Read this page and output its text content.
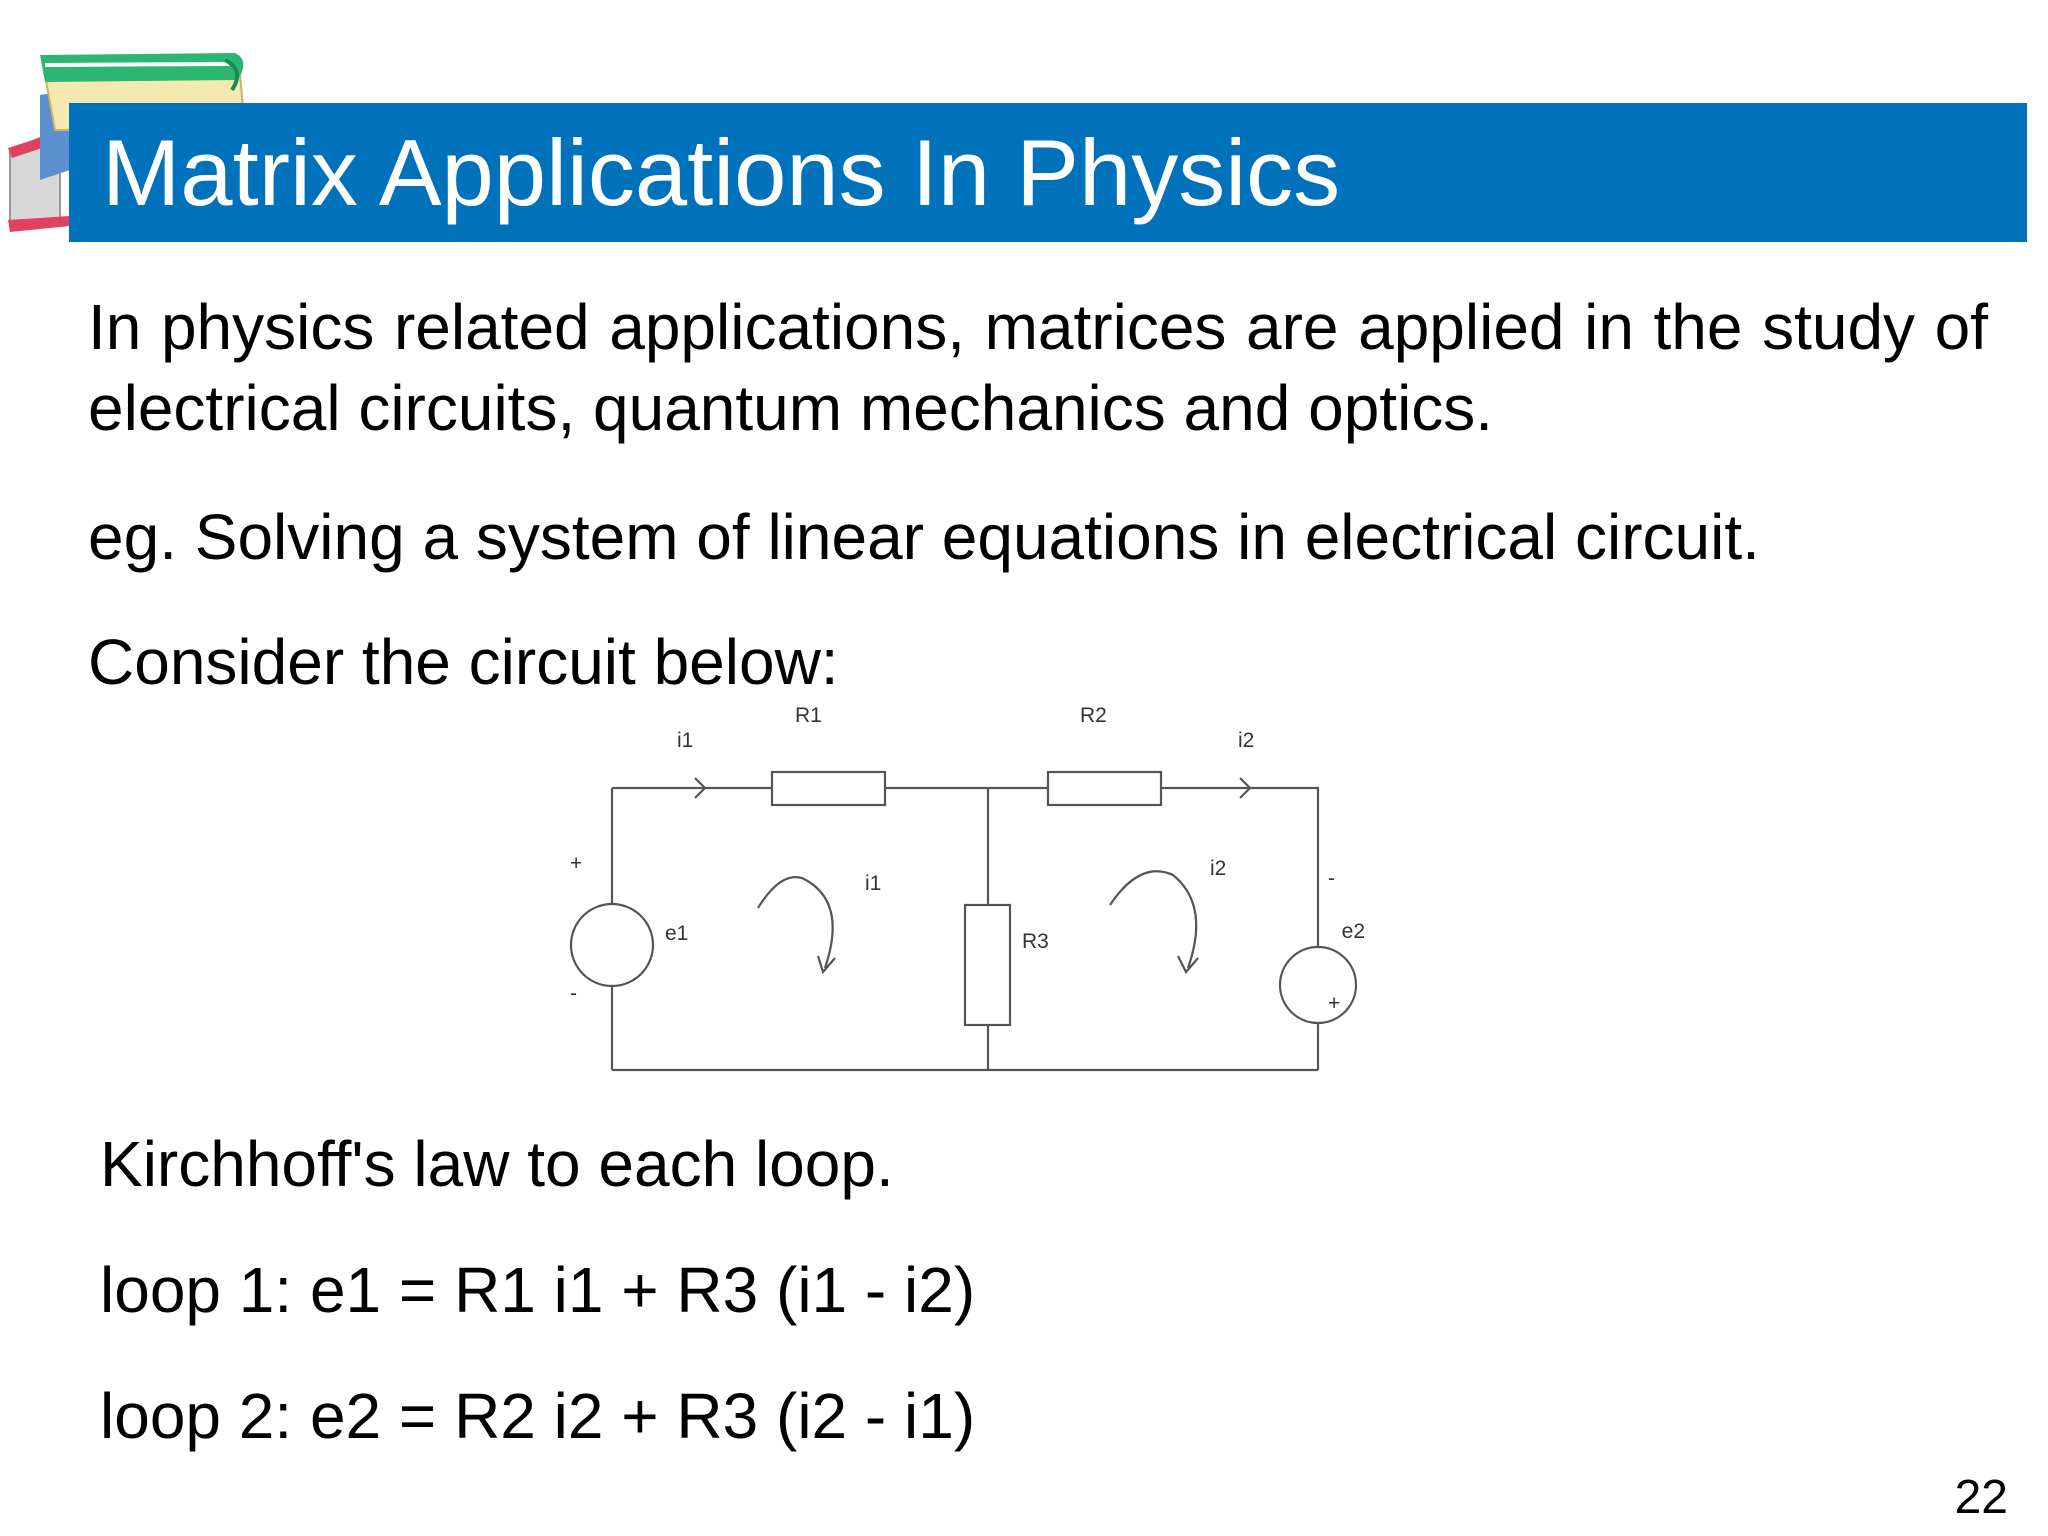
Matrix Applications In Physics

In physics related applications, matrices are applied in the study of electrical circuits, quantum mechanics and optics.

eg. Solving a system of linear equations in electrical circuit.

Consider the circuit below:

i1
R1	R2
i2
i1
i2
R3
e1	e2
+
-
-
+

Kirchhoff's law to each loop.

loop 1: e1 = R1 i1 + R3 (i1 - i2)

loop 2: e2 = R2 i2 + R3 (i2 - i1)

22
